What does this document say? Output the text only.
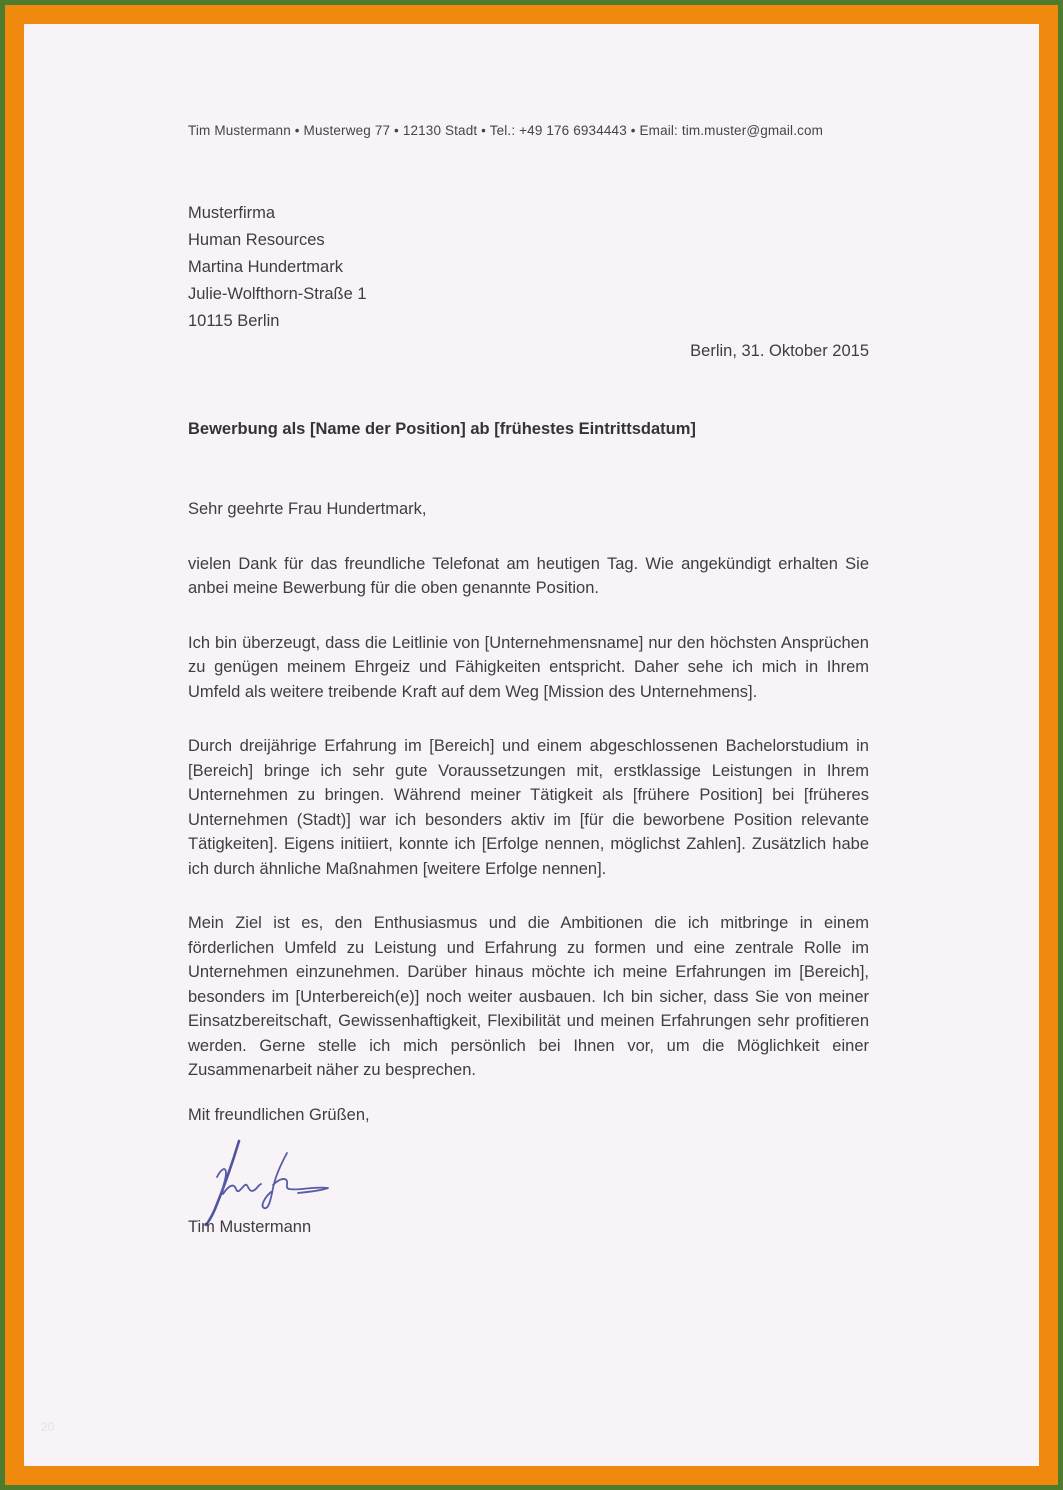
Tim Mustermann • Musterweg 77 • 12130 Stadt • Tel.: +49 176 6934443 • Email: tim.muster@gmail.com
Musterfirma
Human Resources
Martina Hundertmark
Julie-Wolfthorn-Straße 1
10115 Berlin
Berlin, 31. Oktober 2015
Bewerbung als [Name der Position] ab [frühestes Eintrittsdatum]
Sehr geehrte Frau Hundertmark,

vielen Dank für das freundliche Telefonat am heutigen Tag. Wie angekündigt erhalten Sie anbei meine Bewerbung für die oben genannte Position.

Ich bin überzeugt, dass die Leitlinie von [Unternehmensname] nur den höchsten Ansprüchen zu genügen meinem Ehrgeiz und Fähigkeiten entspricht. Daher sehe ich mich in Ihrem Umfeld als weitere treibende Kraft auf dem Weg [Mission des Unternehmens].

Durch dreijährige Erfahrung im [Bereich] und einem abgeschlossenen Bachelorstudium in [Bereich] bringe ich sehr gute Voraussetzungen mit, erstklassige Leistungen in Ihrem Unternehmen zu bringen. Während meiner Tätigkeit als [frühere Position] bei [früheres Unternehmen (Stadt)] war ich besonders aktiv im [für die beworbene Position relevante Tätigkeiten]. Eigens initiiert, konnte ich [Erfolge nennen, möglichst Zahlen]. Zusätzlich habe ich durch ähnliche Maßnahmen [weitere Erfolge nennen].

Mein Ziel ist es, den Enthusiasmus und die Ambitionen die ich mitbringe in einem förderlichen Umfeld zu Leistung und Erfahrung zu formen und eine zentrale Rolle im Unternehmen einzunehmen. Darüber hinaus möchte ich meine Erfahrungen im [Bereich], besonders im [Unterbereich(e)] noch weiter ausbauen. Ich bin sicher, dass Sie von meiner Einsatzbereitschaft, Gewissenhaftigkeit, Flexibilität und meinen Erfahrungen sehr profitieren werden. Gerne stelle ich mich persönlich bei Ihnen vor, um die Möglichkeit einer Zusammenarbeit näher zu besprechen.

Mit freundlichen Grüßen,
Tim Mustermann
20
